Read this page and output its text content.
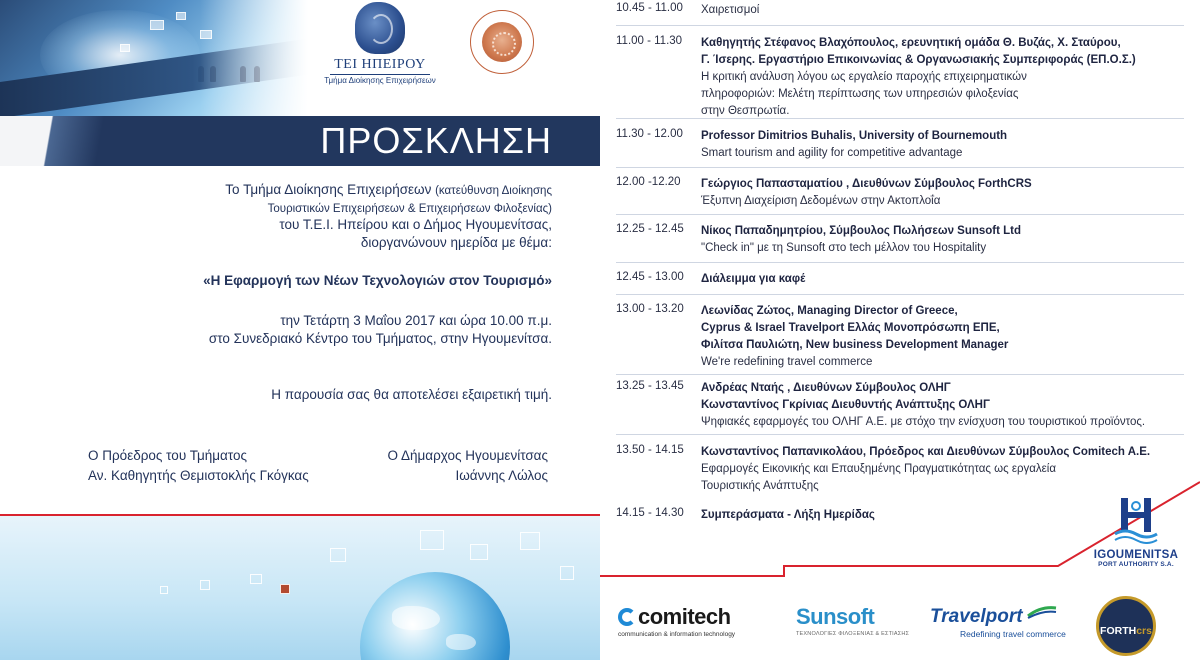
ΤΕΙ ΗΠΕΙΡΟΥ
Τμήμα Διοίκησης Επιχειρήσεων
ΠΡΟΣΚΛΗΣΗ
Το Τμήμα Διοίκησης Επιχειρήσεων (κατεύθυνση Διοίκησης
Τουριστικών Επιχειρήσεων & Επιχειρήσεων Φιλοξενίας)
του Τ.Ε.Ι. Ηπείρου και ο Δήμος Ηγουμενίτσας,
διοργανώνουν ημερίδα με θέμα:
«Η Εφαρμογή των Νέων Τεχνολογιών στον Τουρισμό»
την Τετάρτη 3 Μαΐου 2017 και ώρα 10.00 π.μ.
στο Συνεδριακό Κέντρο του Τμήματος, στην Ηγουμενίτσα.
Η παρουσία σας θα αποτελέσει εξαιρετική τιμή.
Ο Πρόεδρος του Τμήματος
Αν. Καθηγητής Θεμιστοκλής Γκόγκας
Ο Δήμαρχος Ηγουμενίτσας
Ιωάννης Λώλος
10.45 - 11.00 Χαιρετισμοί
11.00 - 11.30 Καθηγητής Στέφανος Βλαχόπουλος, ερευνητική ομάδα Θ. Βυζάς, Χ. Σταύρου,
Γ. Ίσερης. Εργαστήριο Επικοινωνίας & Οργανωσιακής Συμπεριφοράς (ΕΠ.Ο.Σ.)
Η κριτική ανάλυση λόγου ως εργαλείο παροχής επιχειρηματικών
πληροφοριών: Μελέτη περίπτωσης των υπηρεσιών φιλοξενίας
στην Θεσπρωτία.
11.30 - 12.00 Professor Dimitrios Buhalis, University of Bournemouth
Smart tourism and agility for competitive advantage
12.00 -12.20 Γεώργιος Παπασταματίου , Διευθύνων Σύμβουλος ForthCRS
Έξυπνη Διαχείριση Δεδομένων στην Ακτοπλοΐα
12.25 - 12.45 Νίκος Παπαδημητρίου, Σύμβουλος Πωλήσεων Sunsoft Ltd
"Check in" με τη Sunsoft στο tech μέλλον του Hospitality
12.45 - 13.00 Διάλειμμα για καφέ
13.00 - 13.20 Λεωνίδας Ζώτος, Managing Director of Greece,
Cyprus & Israel Travelport Ελλάς Μονοπρόσωπη ΕΠΕ,
Φιλίτσα Παυλιώτη, New business Development Manager
We're redefining travel commerce
13.25 - 13.45 Ανδρέας Νταής , Διευθύνων Σύμβουλος ΟΛΗΓ
Κωνσταντίνος Γκρίνιας Διευθυντής Ανάπτυξης ΟΛΗΓ
Ψηφιακές εφαρμογές του ΟΛΗΓ Α.Ε. με στόχο την ενίσχυση του τουριστικού προϊόντος.
13.50 - 14.15 Κωνσταντίνος Παπανικολάου, Πρόεδρος και Διευθύνων Σύμβουλος Comitech A.E.
Εφαρμογές Εικονικής και Επαυξημένης Πραγματικότητας ως εργαλεία
Τουριστικής Ανάπτυξης
14.15 - 14.30 Συμπεράσματα - Λήξη Ημερίδας
IGOUMENITSA
PORT AUTHORITY S.A.
comitech
communication & information technology
Sunsoft
ΤΕΧΝΟΛΟΓΙΕΣ ΦΙΛΟΞΕΝΙΑΣ & ΕΣΤΙΑΣΗΣ
Travelport
Redefining travel commerce	FORTHcrs
